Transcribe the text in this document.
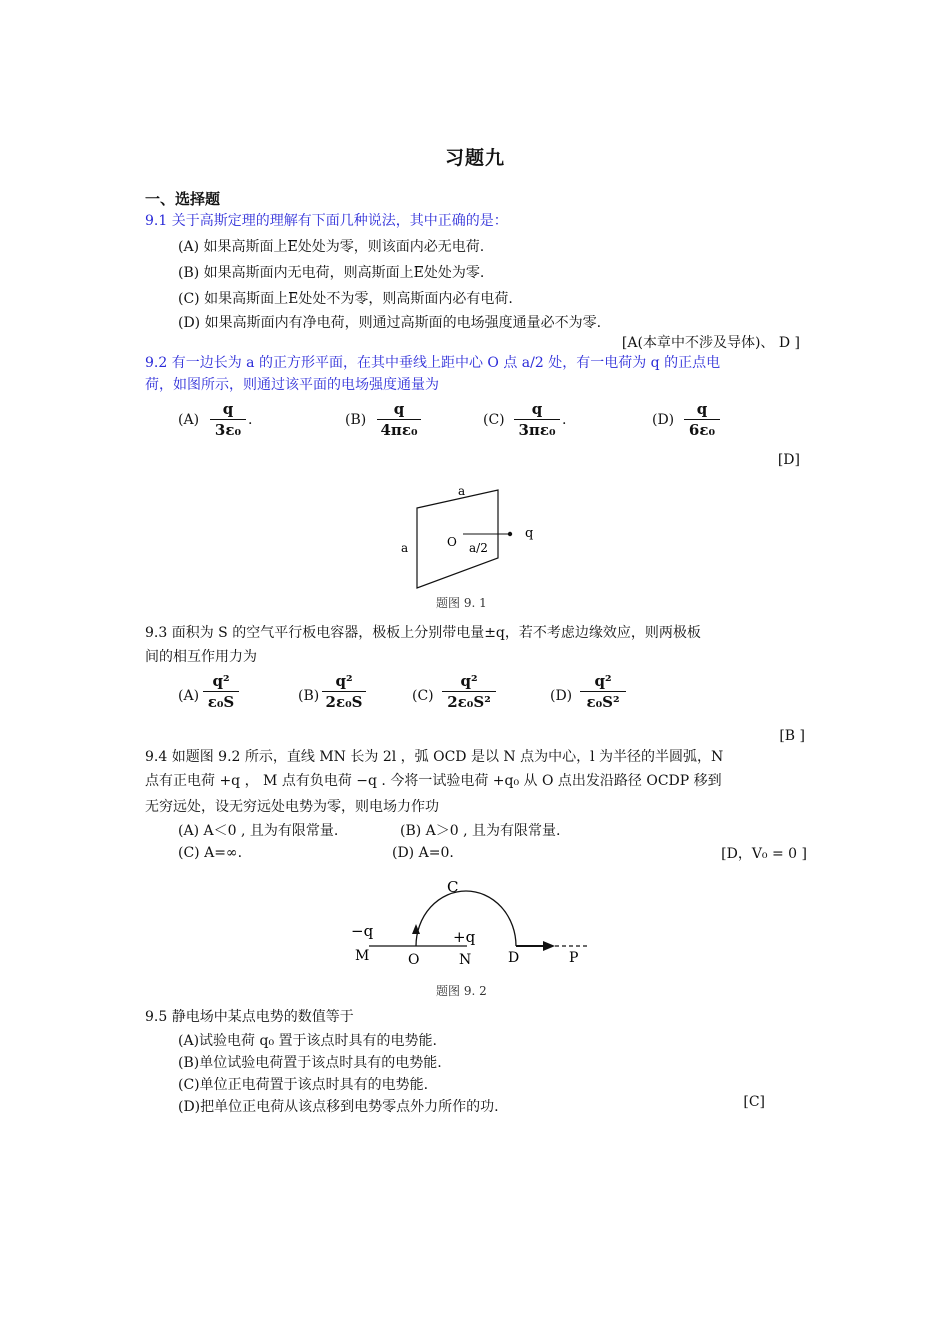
习题九
一、选择题
9.1 关于高斯定理的理解有下面几种说法，其中正确的是：
(A) 如果高斯面上E处处为零，则该面内必无电荷.
(B) 如果高斯面内无电荷，则高斯面上E处处为零.
(C) 如果高斯面上E处处不为零，则高斯面内必有电荷.
(D) 如果高斯面内有净电荷，则通过高斯面的电场强度通量必不为零.
[A(本章中不涉及导体)、 D ]
9.2 有一边长为 a 的正方形平面，在其中垂线上距中心 O 点 a/2 处，有一电荷为 q 的正点电
荷，如图所示，则通过该平面的电场强度通量为
(A)
q
3ε₀
.	(B)
q
4πε₀
(C)
q
3πε₀
.	(D)
q
6ε₀
[D]
a
a	O a/2
q
题图 9. 1
9.3 面积为 S 的空气平行板电容器，极板上分别带电量±q，若不考虑边缘效应，则两极板
间的相互作用力为
(A)
q²
ε₀S	(B)
q²
2ε₀S	(C)
q²
2ε₀S²	(D)
q²
ε₀S²
[B ]
9.4 如题图 9.2 所示，直线 MN 长为 2l ，弧 OCD 是以 N 点为中心，l 为半径的半圆弧，N
点有正电荷 +q ， M 点有负电荷 −q . 今将一试验电荷 +q₀ 从 O 点出发沿路径 OCDP 移到
无穷远处，设无穷远处电势为零，则电场力作功
(A) A＜0 , 且为有限常量.	(B) A＞0 , 且为有限常量.
(C) A=∞.	(D) A=0.	[D，V₀ = 0 ]
C
−q	+q
M	O	N	D	P
题图 9. 2
9.5 静电场中某点电势的数值等于
(A)试验电荷 q₀ 置于该点时具有的电势能.
(B)单位试验电荷置于该点时具有的电势能.
(C)单位正电荷置于该点时具有的电势能.
(D)把单位正电荷从该点移到电势零点外力所作的功.	[C]
